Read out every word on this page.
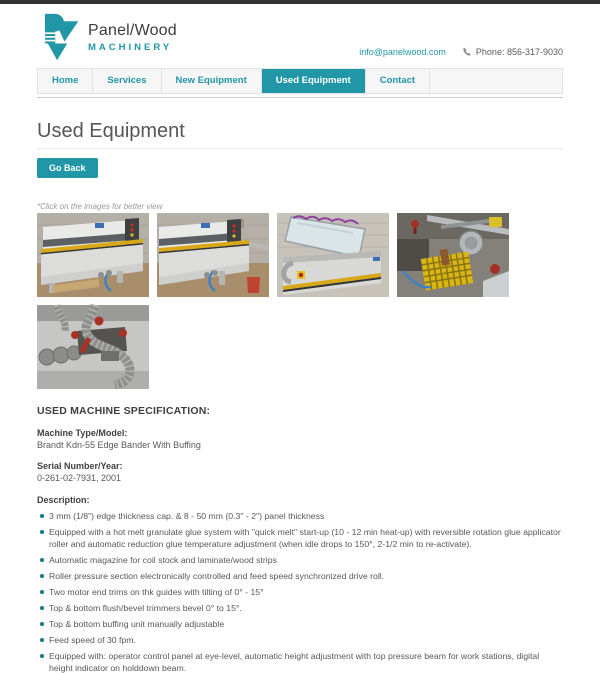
Panel/Wood
MACHINERY	info@panelwood.com	Phone: 856-317-9030
Home	Services	New Equipment	Used Equipment	Contact
Used Equipment
Go Back
*Click on the images for better view
USED MACHINE SPECIFICATION:
Machine Type/Model:
Brandt Kdn-55 Edge Bander With Buffing
Serial Number/Year:
0-261-02-7931, 2001
Description:
3 mm (1/8") edge thickness cap. & 8 - 50 mm (0.3" - 2") panel thickness
Equipped with a hot melt granulate glue system with "quick melt" start-up (10 - 12 min heat-up) with reversible rotation glue applicator roller and automatic reduction glue temperature adjustment (when idle drops to 150°, 2-1/2 min to re-activate).
Automatic magazine for coil stock and laminate/wood strips
Roller pressure section electronically controlled and feed speed synchronized drive roll.
Two motor end trims on thk guides with tilting of 0° - 15°
Top & bottom flush/bevel trimmers bevel 0° to 15°.
Top & bottom buffing unit manually adjustable
Feed speed of 30 fpm.
Equipped with: operator control panel at eye-level, automatic height adjustment with top pressure beam for work stations, digital height indicator on holddown beam.
